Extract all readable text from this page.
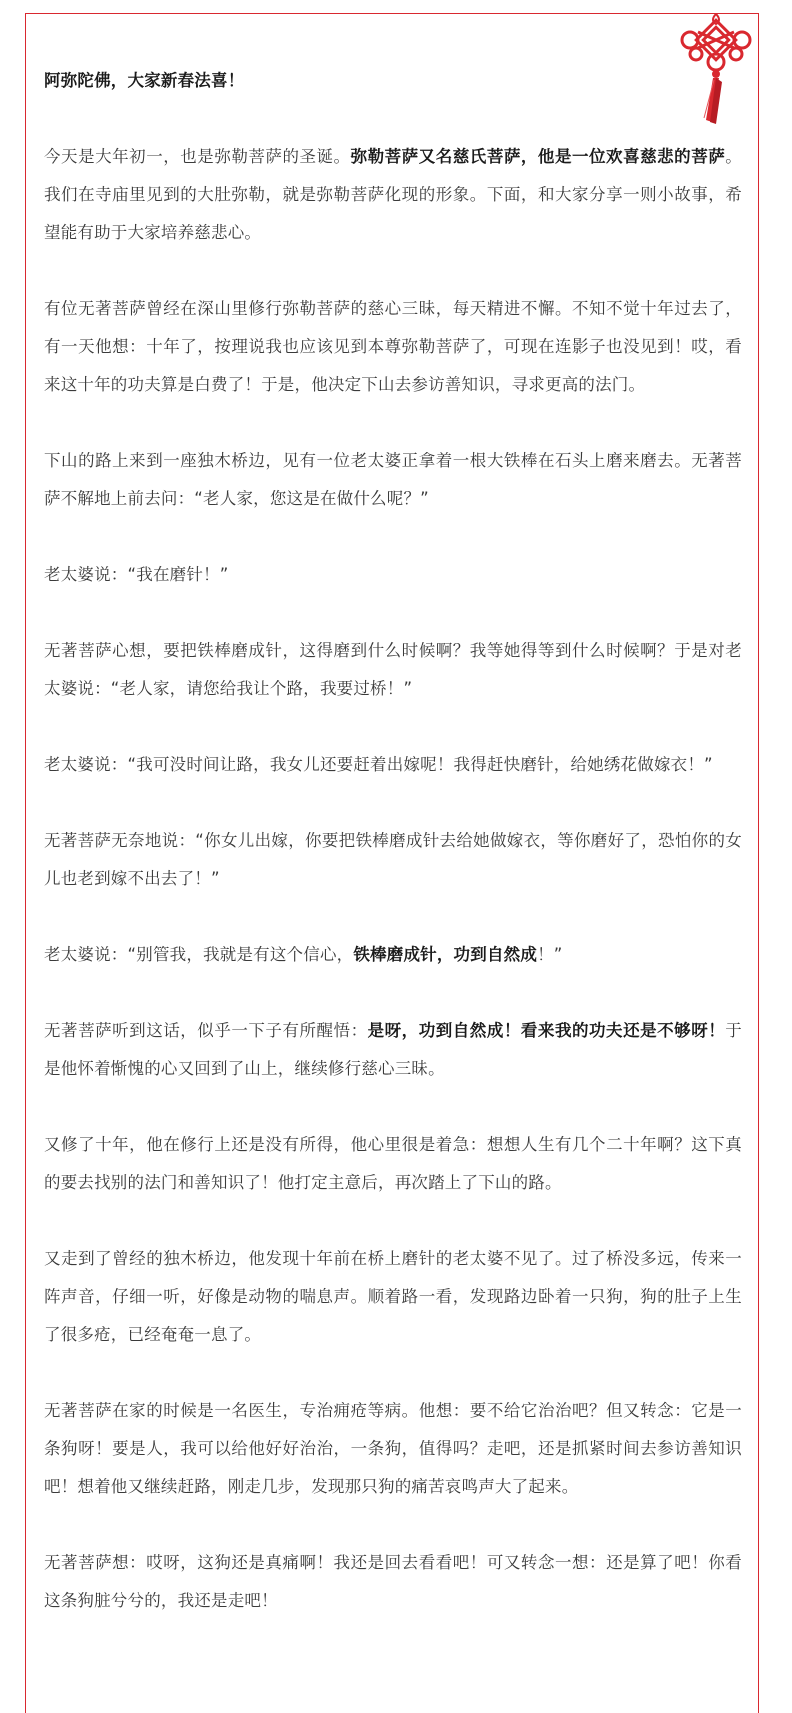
阿弥陀佛，大家新春法喜！

今天是大年初一，也是弥勒菩萨的圣诞。弥勒菩萨又名慈氏菩萨，他是一位欢喜慈悲的菩萨。我们在寺庙里见到的大肚弥勒，就是弥勒菩萨化现的形象。下面，和大家分享一则小故事，希望能有助于大家培养慈悲心。

有位无著菩萨曾经在深山里修行弥勒菩萨的慈心三昧，每天精进不懈。不知不觉十年过去了，有一天他想：十年了，按理说我也应该见到本尊弥勒菩萨了，可现在连影子也没见到！哎，看来这十年的功夫算是白费了！于是，他决定下山去参访善知识，寻求更高的法门。

下山的路上来到一座独木桥边，见有一位老太婆正拿着一根大铁棒在石头上磨来磨去。无著菩萨不解地上前去问：“老人家，您这是在做什么呢？”

老太婆说：“我在磨针！”

无著菩萨心想，要把铁棒磨成针，这得磨到什么时候啊？我等她得等到什么时候啊？于是对老太婆说：“老人家，请您给我让个路，我要过桥！”

老太婆说：“我可没时间让路，我女儿还要赶着出嫁呢！我得赶快磨针，给她绣花做嫁衣！”

无著菩萨无奈地说：“你女儿出嫁，你要把铁棒磨成针去给她做嫁衣，等你磨好了，恐怕你的女儿也老到嫁不出去了！”

老太婆说：“别管我，我就是有这个信心，铁棒磨成针，功到自然成！”

无著菩萨听到这话，似乎一下子有所醒悟：是呀，功到自然成！看来我的功夫还是不够呀！于是他怀着惭愧的心又回到了山上，继续修行慈心三昧。

又修了十年，他在修行上还是没有所得，他心里很是着急：想想人生有几个二十年啊？这下真的要去找别的法门和善知识了！他打定主意后，再次踏上了下山的路。

又走到了曾经的独木桥边，他发现十年前在桥上磨针的老太婆不见了。过了桥没多远，传来一阵声音，仔细一听，好像是动物的喘息声。顺着路一看，发现路边卧着一只狗，狗的肚子上生了很多疮，已经奄奄一息了。

无著菩萨在家的时候是一名医生，专治痈疮等病。他想：要不给它治治吧？但又转念：它是一条狗呀！要是人，我可以给他好好治治，一条狗，值得吗？走吧，还是抓紧时间去参访善知识吧！想着他又继续赶路，刚走几步，发现那只狗的痛苦哀鸣声大了起来。

无著菩萨想：哎呀，这狗还是真痛啊！我还是回去看看吧！可又转念一想：还是算了吧！你看这条狗脏兮兮的，我还是走吧！
